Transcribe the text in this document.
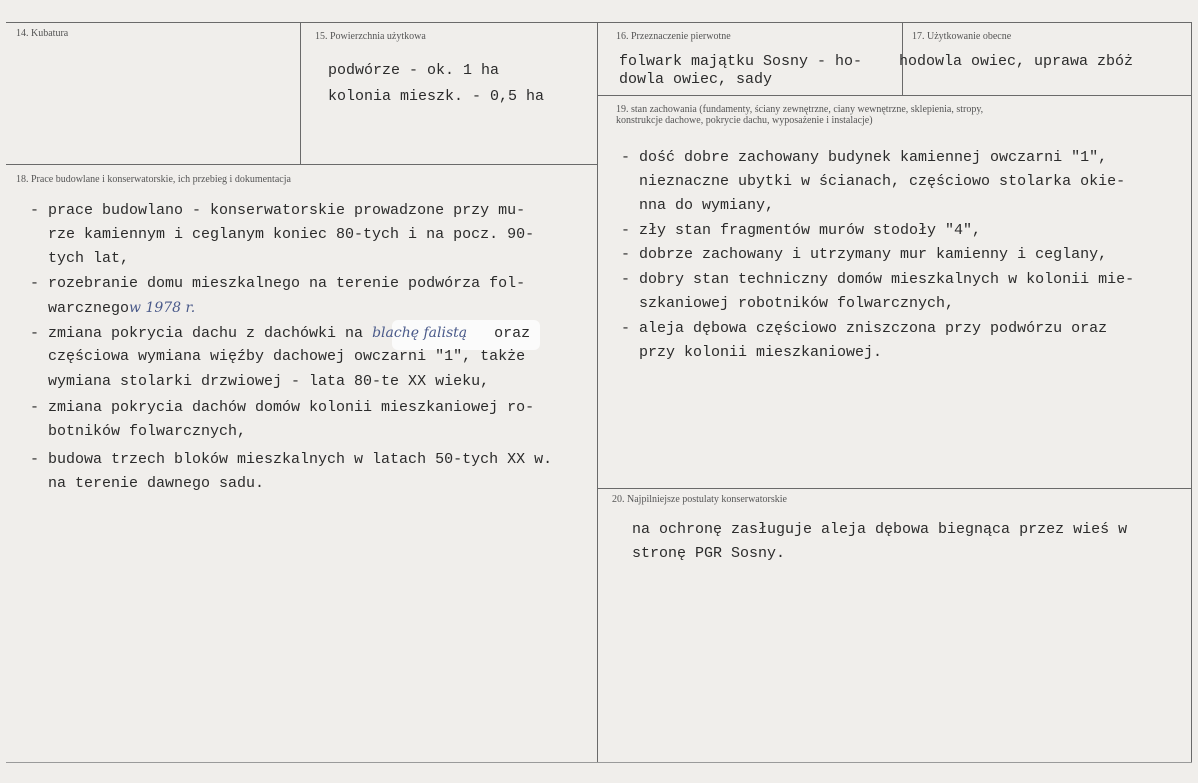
14. Kubatura	15. Powierzchnia użytkowa
podwórze - ok. 1 ha
kolonia mieszk. - 0,5 ha
16. Przeznaczenie pierwotne
folwark majątku Sosny - ho-
dowla owiec, sady
17. Użytkowanie obecne
hodowla owiec, uprawa zbóż
19. stan zachowania (fundamenty, ściany zewnętrzne, ciany wewnętrzne, sklepienia, stropy, konstrukcje dachowe, pokrycie dachu, wyposażenie i instalacje)
- dość dobre zachowany budynek kamiennej owczarni "1",
nieznaczne ubytki w ścianach, częściowo stolarka okie-
nna do wymiany,
- zły stan fragmentów murów stodoły "4",
- dobrze zachowany i utrzymany mur kamienny i ceglany,
- dobry stan techniczny domów mieszkalnych w kolonii mie-
szkaniowej robotników folwarcznych,
- aleja dębowa częściowo zniszczona przy podwórzu oraz
przy kolonii mieszkaniowej.
18. Prace budowlane i konserwatorskie, ich przebieg i dokumentacja
- prace budowlano - konserwatorskie prowadzone przy mu-
rze kamiennym i ceglanym koniec 80-tych i na pocz. 90-
tych lat,
- rozebranie domu mieszkalnego na terenie podwórza fol-
warcznegow 1978 r.
- zmiana pokrycia dachu z dachówki na blachę falistą oraz
częściowa wymiana więźby dachowej owczarni "1", także
wymiana stolarki drzwiowej - lata 80-te XX wieku,
- zmiana pokrycia dachów domów kolonii mieszkaniowej ro-
botników folwarcznych,
- budowa trzech bloków mieszkalnych w latach 50-tych XX w.
na terenie dawnego sadu.
20. Najpilniejsze postulaty konserwatorskie
na ochronę zasługuje aleja dębowa biegnąca przez wieś w
stronę PGR Sosny.
